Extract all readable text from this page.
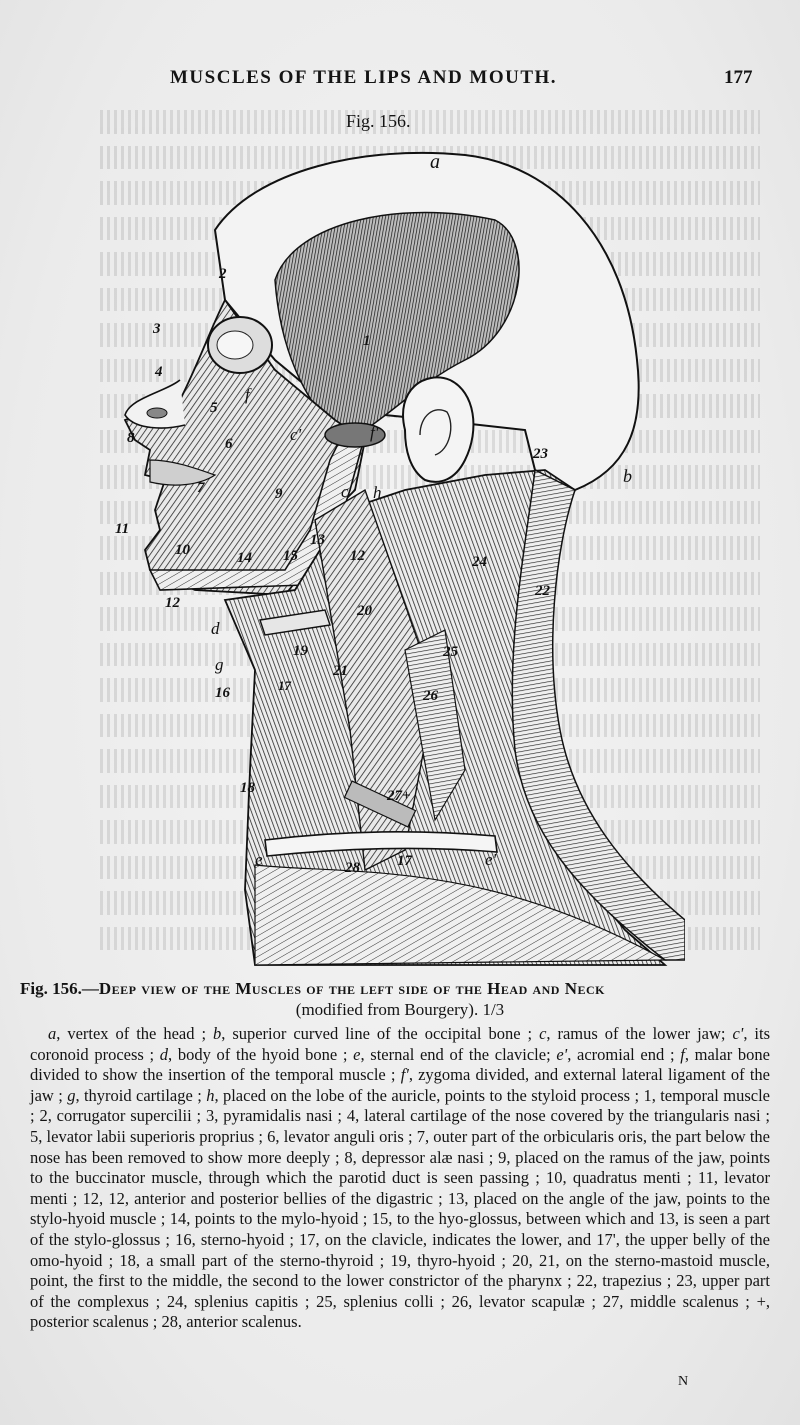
MUSCLES OF THE LIPS AND MOUTH.	177
Fig. 156.
a
b
c
c'
d
e	e'
f
f'
g
h
1
2
3
4
5
6
7
8
9
10
11
12
12
13
14 15
16
17
17
18
19
20
21
22
23
24
25
26
27+
28
Fig. 156.—Deep view of the Muscles of the left side of the Head and Neck
(modified from Bourgery). 1/3
a, vertex of the head ; b, superior curved line of the occipital bone ; c, ramus of the lower jaw; c', its coronoid process ; d, body of the hyoid bone ; e, sternal end of the clavicle; e', acromial end ; f, malar bone divided to show the insertion of the temporal muscle ; f', zygoma divided, and external lateral ligament of the jaw ; g, thyroid cartilage ; h, placed on the lobe of the auricle, points to the styloid process ; 1, temporal muscle ; 2, corrugator supercilii ; 3, pyramidalis nasi ; 4, lateral cartilage of the nose covered by the triangularis nasi ; 5, levator labii superioris proprius ; 6, levator anguli oris ; 7, outer part of the orbicularis oris, the part below the nose has been removed to show more deeply ; 8, depressor alæ nasi ; 9, placed on the ramus of the jaw, points to the buccinator muscle, through which the parotid duct is seen passing ; 10, quadratus menti ; 11, levator menti ; 12, 12, anterior and posterior bellies of the digastric ; 13, placed on the angle of the jaw, points to the stylo-hyoid muscle ; 14, points to the mylo-hyoid ; 15, to the hyo-glossus, between which and 13, is seen a part of the stylo-glossus ; 16, sterno-hyoid ; 17, on the clavicle, indicates the lower, and 17', the upper belly of the omo-hyoid ; 18, a small part of the sterno-thyroid ; 19, thyro-hyoid ; 20, 21, on the sterno-mastoid muscle, point, the first to the middle, the second to the lower constrictor of the pharynx ; 22, trapezius ; 23, upper part of the complexus ; 24, splenius capitis ; 25, splenius colli ; 26, levator scapulæ ; 27, middle scalenus ; +, posterior scalenus ; 28, anterior scalenus.
N
